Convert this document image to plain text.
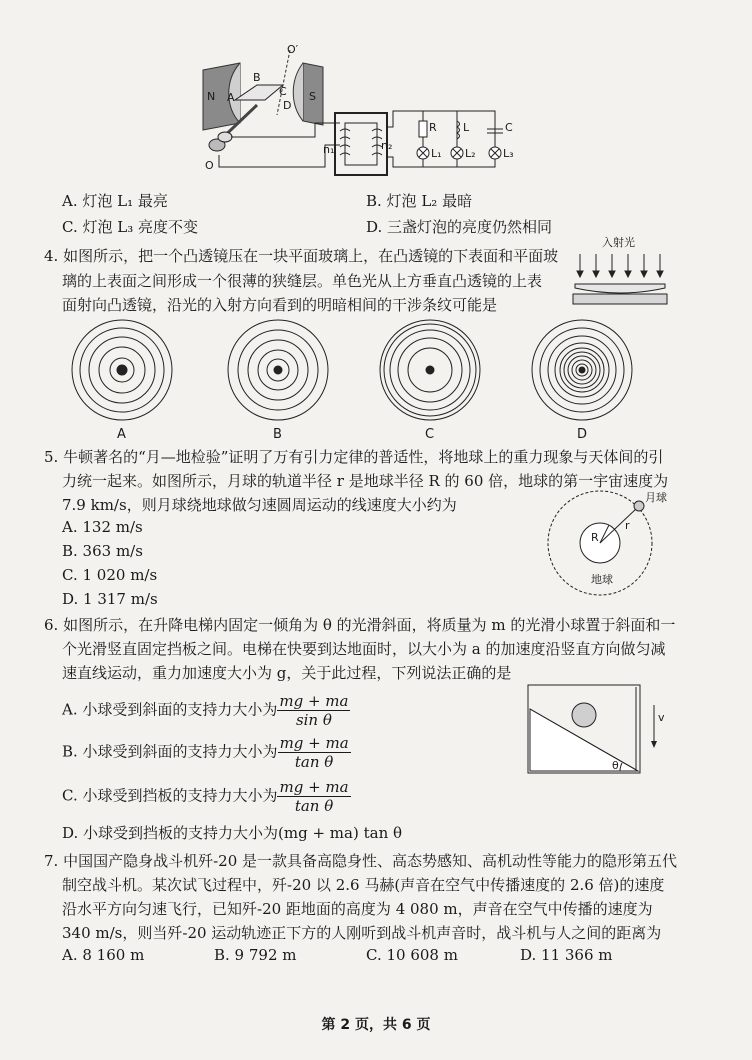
N	S
A
B
C
D
O′
O
n₁	n₂
R L	C
L₁ L₂ L₃
A. 灯泡 L₁ 最亮	B. 灯泡 L₂ 最暗
C. 灯泡 L₃ 亮度不变	D. 三盏灯泡的亮度仍然相同
4. 如图所示，把一个凸透镜压在一块平面玻璃上，在凸透镜的下表面和平面玻
璃的上表面之间形成一个很薄的狭缝层。单色光从上方垂直凸透镜的上表
面射向凸透镜，沿光的入射方向看到的明暗相间的干涉条纹可能是
入射光
A	B	C	D
5. 牛顿著名的“月—地检验”证明了万有引力定律的普适性，将地球上的重力现象与天体间的引
力统一起来。如图所示，月球的轨道半径 r 是地球半径 R 的 60 倍，地球的第一宇宙速度为
7.9 km/s，则月球绕地球做匀速圆周运动的线速度大小约为
A. 132 m/s
B. 363 m/s
C. 1 020 m/s
D. 1 317 m/s
月球
地球
R
r
6. 如图所示，在升降电梯内固定一倾角为 θ 的光滑斜面，将质量为 m 的光滑小球置于斜面和一
个光滑竖直固定挡板之间。电梯在快要到达地面时，以大小为 a 的加速度沿竖直方向做匀减
速直线运动，重力加速度大小为 g，关于此过程，下列说法正确的是
A. 小球受到斜面的支持力大小为 $\frac{mg + ma}{\text{sin θ}}$
B. 小球受到斜面的支持力大小为 $\frac{mg + ma}{\text{tan θ}}$
C. 小球受到挡板的支持力大小为 $\frac{mg + ma}{\text{tan θ}}$
D. 小球受到挡板的支持力大小为(mg + ma) tan θ
v
θ
7. 中国国产隐身战斗机歼-20 是一款具备高隐身性、高态势感知、高机动性等能力的隐形第五代
制空战斗机。某次试飞过程中，歼-20 以 2.6 马赫(声音在空气中传播速度的 2.6 倍)的速度
沿水平方向匀速飞行，已知歼-20 距地面的高度为 4 080 m，声音在空气中传播的速度为
340 m/s，则当歼-20 运动轨迹正下方的人刚听到战斗机声音时，战斗机与人之间的距离为
A. 8 160 m	B. 9 792 m	C. 10 608 m	D. 11 366 m
第 2 页，共 6 页
